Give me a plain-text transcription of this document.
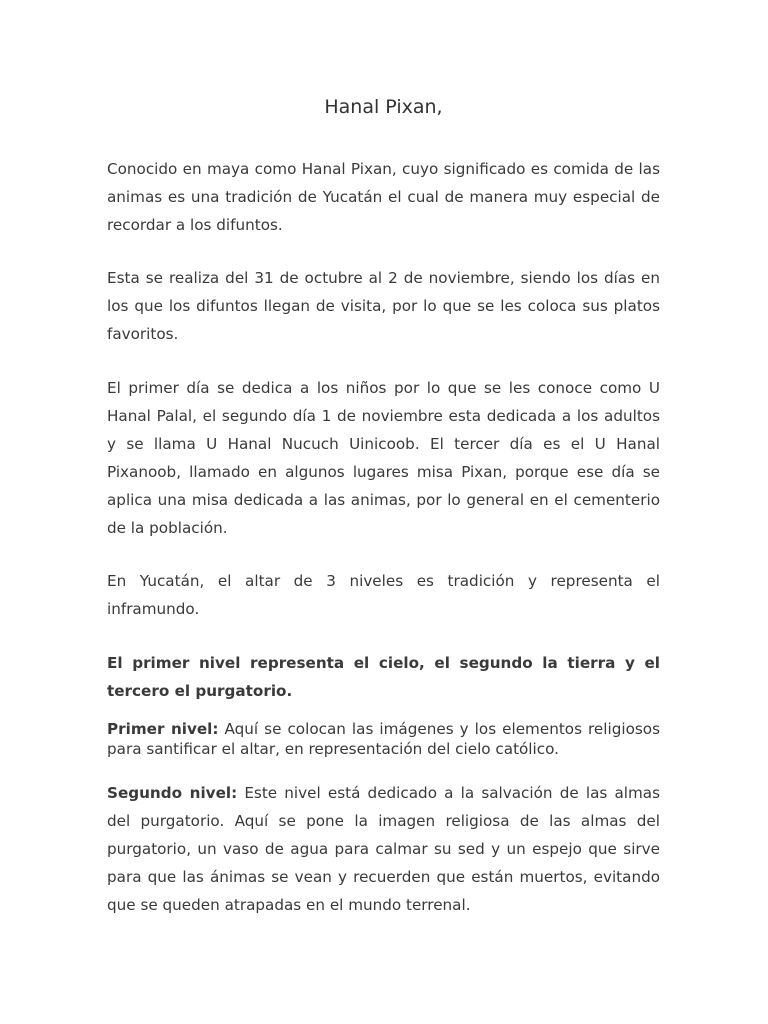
Hanal Pixan,

Conocido en maya como Hanal Pixan, cuyo significado es comida de las animas es una tradición de Yucatán el cual de manera muy especial de recordar a los difuntos.

Esta se realiza del 31 de octubre al 2 de noviembre, siendo los días en los que los difuntos llegan de visita, por lo que se les coloca sus platos favoritos.

El primer día se dedica a los niños por lo que se les conoce como U Hanal Palal, el segundo día 1 de noviembre esta dedicada a los adultos y se llama U Hanal Nucuch Uinicoob. El tercer día es el U Hanal Pixanoob, llamado en algunos lugares misa Pixan, porque ese día se aplica una misa dedicada a las animas, por lo general en el cementerio de la población.

En Yucatán, el altar de 3 niveles es tradición y representa el inframundo.

El primer nivel representa el cielo, el segundo la tierra y el tercero el purgatorio.

Primer nivel: Aquí se colocan las imágenes y los elementos religiosos para santificar el altar, en representación del cielo católico.

Segundo nivel: Este nivel está dedicado a la salvación de las almas del purgatorio. Aquí se pone la imagen religiosa de las almas del purgatorio, un vaso de agua para calmar su sed y un espejo que sirve para que las ánimas se vean y recuerden que están muertos, evitando que se queden atrapadas en el mundo terrenal.
